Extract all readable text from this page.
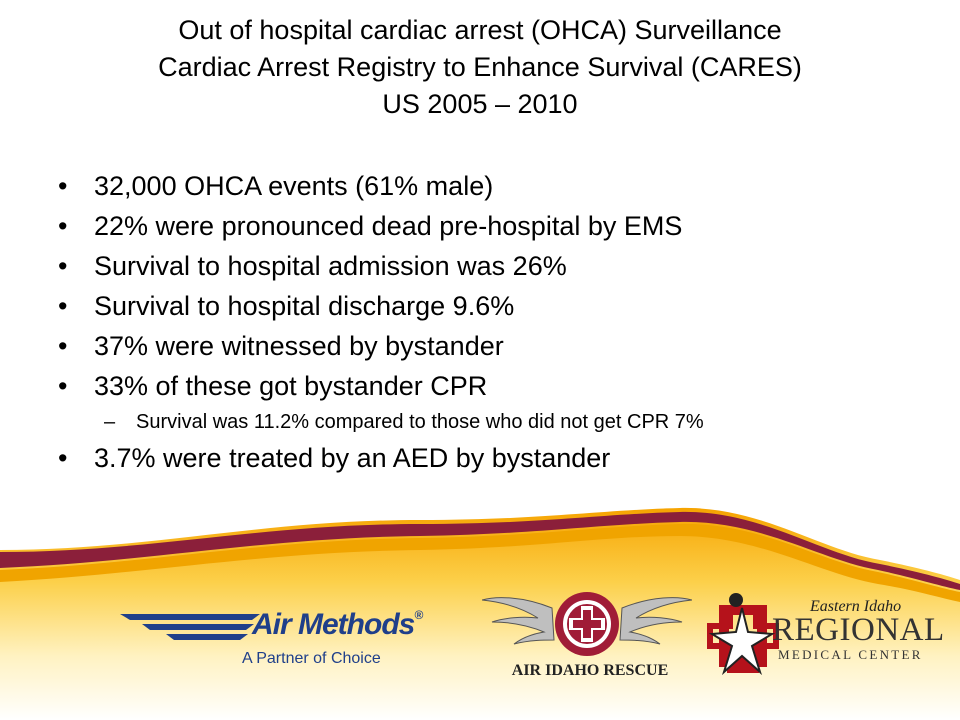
Out of hospital cardiac arrest (OHCA) Surveillance
Cardiac Arrest Registry to Enhance Survival (CARES)
US 2005 – 2010
• 32,000 OHCA events (61% male)
• 22% were pronounced dead pre-hospital by EMS
• Survival to hospital admission was 26%
• Survival to hospital discharge 9.6%
• 37% were witnessed by bystander
• 33% of these got bystander CPR
– Survival was 11.2% compared to those who did not get CPR 7%
• 3.7% were treated by an AED by bystander
Air Methods®
A Partner of Choice
AIR IDAHO RESCUE
Eastern Idaho
REGIONAL
MEDICAL CENTER
